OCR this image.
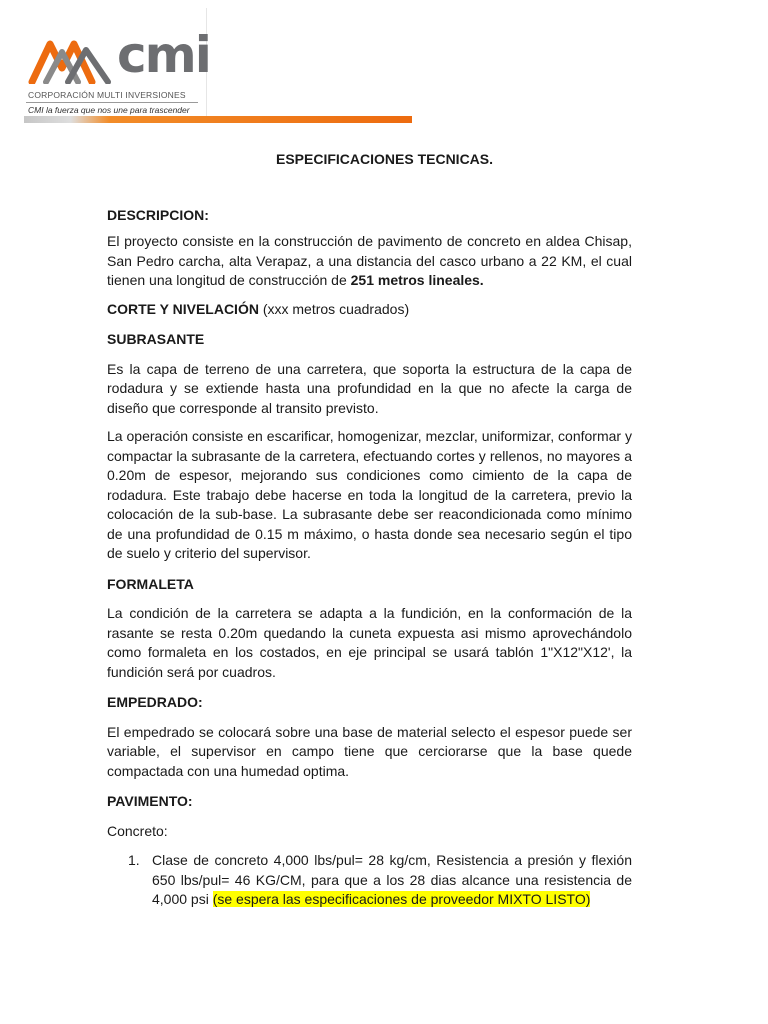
cmi
CORPORACIÓN MULTI INVERSIONES
CMI la fuerza que nos une para trascender
ESPECIFICACIONES TECNICAS.
DESCRIPCION:

El proyecto consiste en la construcción de pavimento de concreto en aldea Chisap, San Pedro carcha, alta Verapaz, a una distancia del casco urbano a 22 KM, el cual tienen una longitud de construcción de 251 metros lineales.

CORTE Y NIVELACIÓN (xxx metros cuadrados)

SUBRASANTE

Es la capa de terreno de una carretera, que soporta la estructura de la capa de rodadura y se extiende hasta una profundidad en la que no afecte la carga de diseño que corresponde al transito previsto.

La operación consiste en escarificar, homogenizar, mezclar, uniformizar, conformar y compactar la subrasante de la carretera, efectuando cortes y rellenos, no mayores a 0.20m de espesor, mejorando sus condiciones como cimiento de la capa de rodadura. Este trabajo debe hacerse en toda la longitud de la carretera, previo la colocación de la sub-base. La subrasante debe ser reacondicionada como mínimo de una profundidad de 0.15 m máximo, o hasta donde sea necesario según el tipo de suelo y criterio del supervisor.

FORMALETA

La condición de la carretera se adapta a la fundición, en la conformación de la rasante se resta 0.20m quedando la cuneta expuesta asi mismo aprovechándolo como formaleta en los costados, en eje principal se usará tablón 1"X12"X12', la fundición será por cuadros.

EMPEDRADO:

El empedrado se colocará sobre una base de material selecto el espesor puede ser variable, el supervisor en campo tiene que cerciorarse que la base quede compactada con una humedad optima.

PAVIMENTO:

Concreto:

1. Clase de concreto 4,000 lbs/pul= 28 kg/cm, Resistencia a presión y flexión 650 lbs/pul= 46 KG/CM, para que a los 28 dias alcance una resistencia de 4,000 psi (se espera las especificaciones de proveedor MIXTO LISTO)
